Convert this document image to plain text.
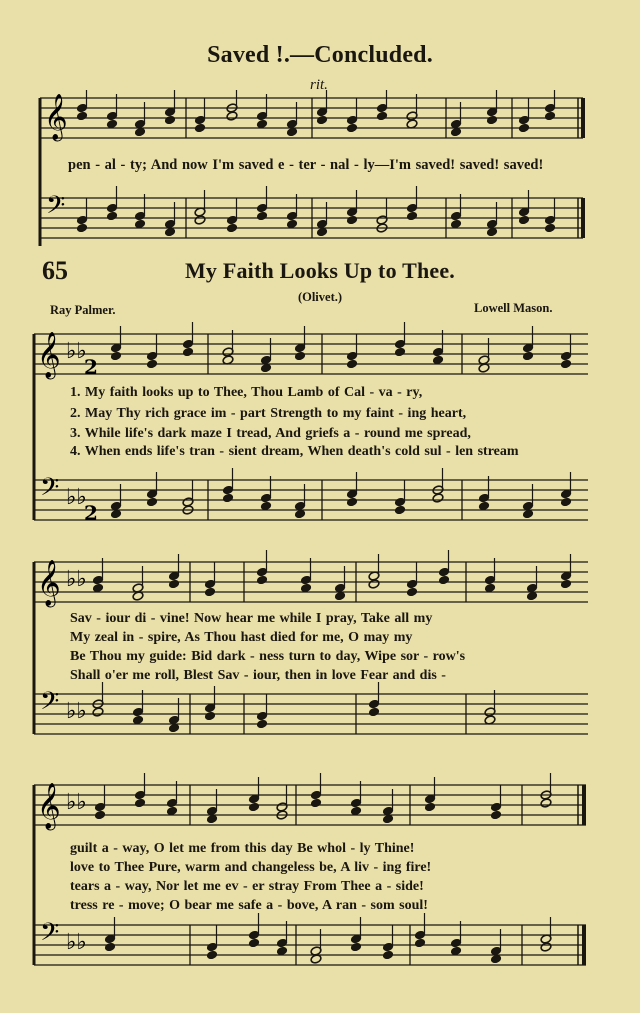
Saved !.—Concluded.
rit.
𝄞
𝄢
pen - al - ty; And now I'm saved e - ter - nal - ly—I'm saved! saved! saved!
65	My Faith Looks Up to Thee.
(Olivet.)
Ray Palmer.	Lowell Mason.
𝄞
𝄢
♭♭
♭♭
2
2
1. My faith looks up to Thee, Thou Lamb of Cal - va - ry,
2. May Thy rich grace im - part Strength to my faint - ing heart,
3. While life's dark maze I tread, And griefs a - round me spread,
4. When ends life's tran - sient dream, When death's cold sul - len stream
𝄞
𝄢
♭♭
♭♭
Sav - iour di - vine! Now hear me while I pray, Take all my
My zeal in - spire, As Thou hast died for me, O may my
Be Thou my guide: Bid dark - ness turn to day, Wipe sor - row's
Shall o'er me roll, Blest Sav - iour, then in love Fear and dis -
𝄞
𝄢
♭♭
♭♭
guilt a - way, O let me from this day Be whol - ly Thine!
love to Thee Pure, warm and changeless be, A liv - ing fire!
tears a - way, Nor let me ev - er stray From Thee a - side!
tress re - move; O bear me safe a - bove, A ran - som soul!
